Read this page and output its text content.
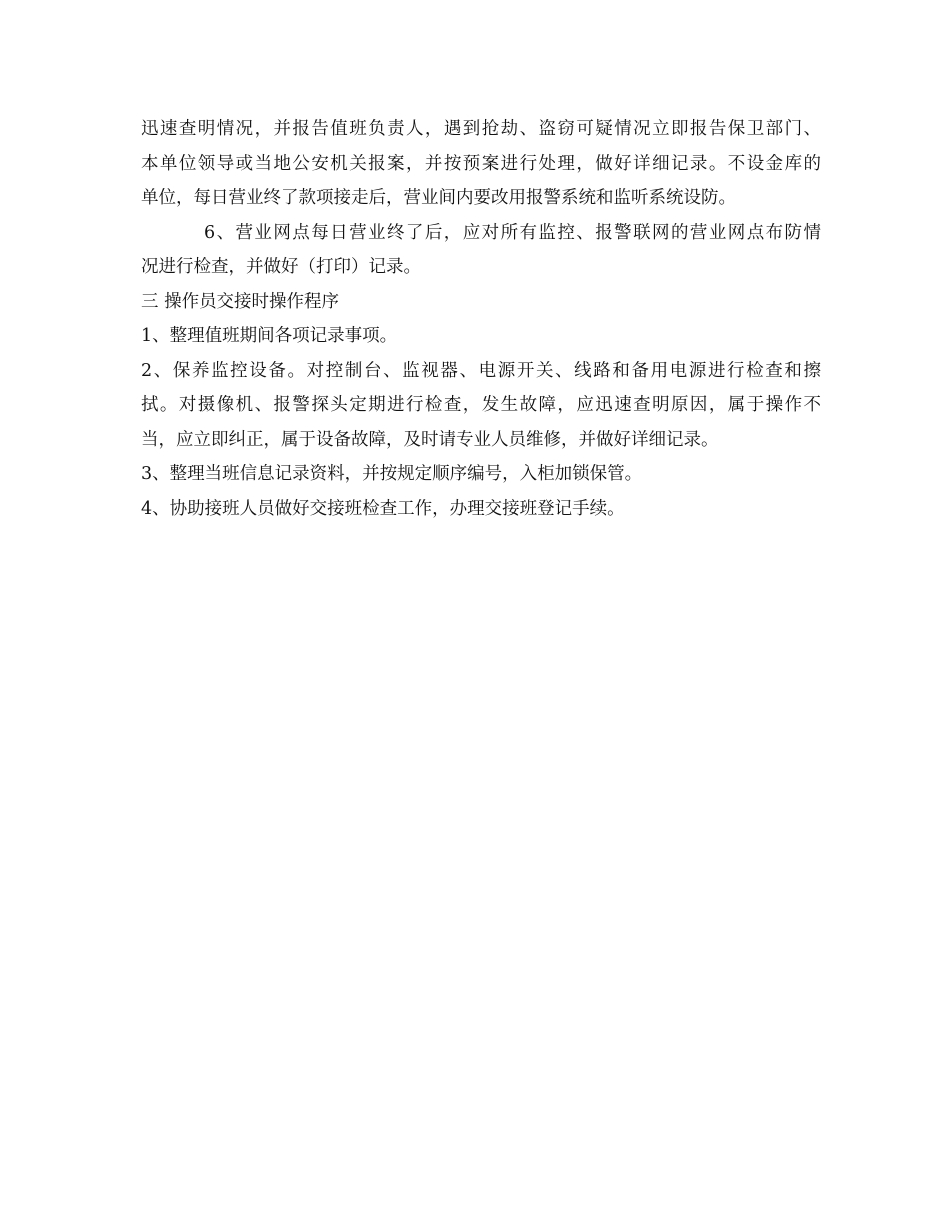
迅速查明情况，并报告值班负责人，遇到抢劫、盗窃可疑情况立即报告保卫部门、
本单位领导或当地公安机关报案，并按预案进行处理，做好详细记录。不设金库的
单位，每日营业终了款项接走后，营业间内要改用报警系统和监听系统设防。
6、营业网点每日营业终了后，应对所有监控、报警联网的营业网点布防情
况进行检查，并做好（打印）记录。
三 操作员交接时操作程序
1、整理值班期间各项记录事项。
2、保养监控设备。对控制台、监视器、电源开关、线路和备用电源进行检查和擦
拭。对摄像机、报警探头定期进行检查，发生故障，应迅速查明原因，属于操作不
当，应立即纠正，属于设备故障，及时请专业人员维修，并做好详细记录。
3、整理当班信息记录资料，并按规定顺序编号，入柜加锁保管。
4、协助接班人员做好交接班检查工作，办理交接班登记手续。
